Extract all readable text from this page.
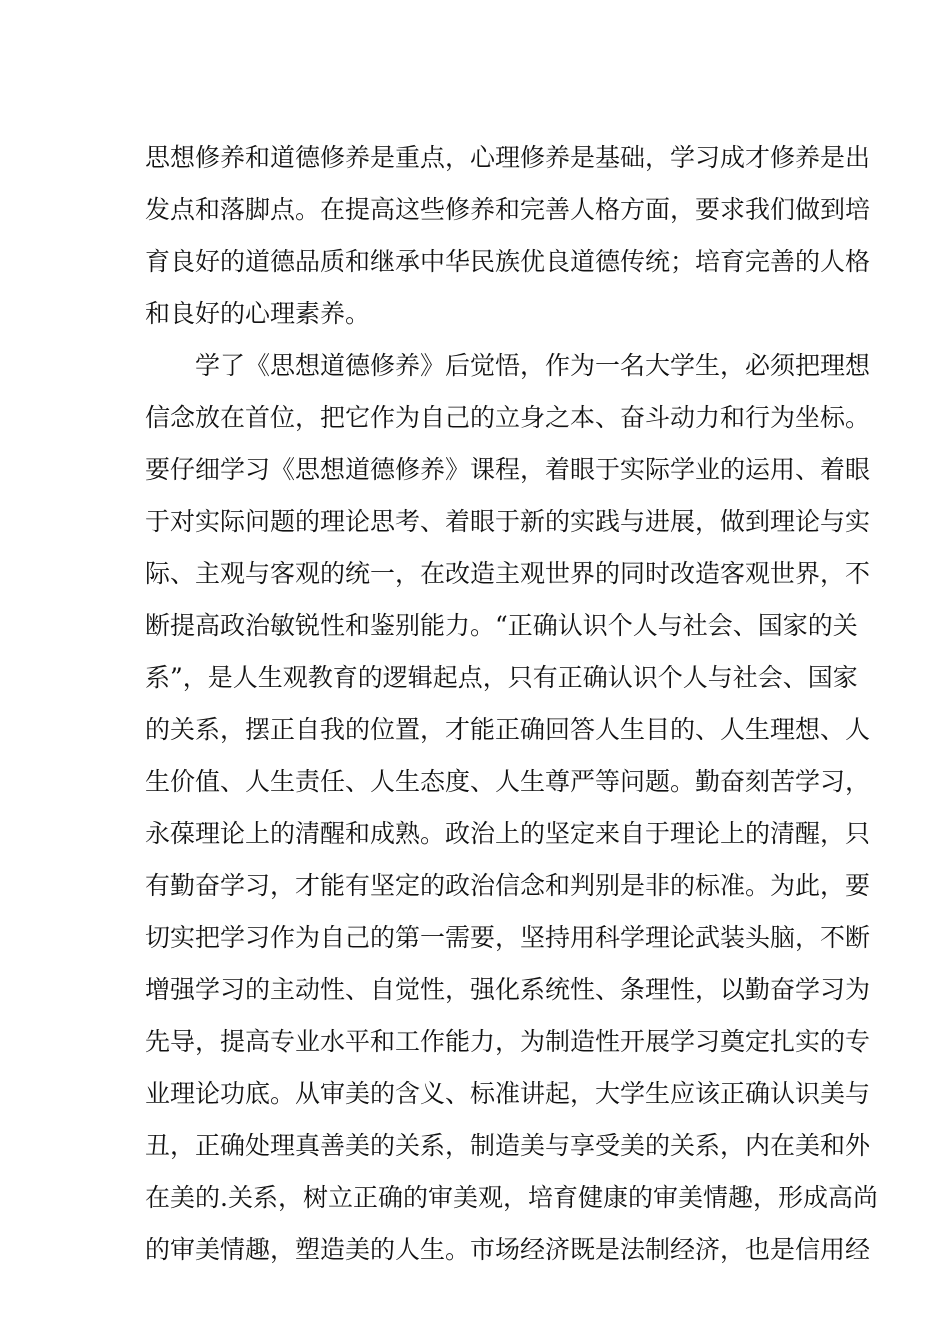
思想修养和道德修养是重点，心理修养是基础，学习成才修养是出
发点和落脚点。在提高这些修养和完善人格方面，要求我们做到培
育良好的道德品质和继承中华民族优良道德传统；培育完善的人格
和良好的心理素养。
学了《思想道德修养》后觉悟，作为一名大学生，必须把理想
信念放在首位，把它作为自己的立身之本、奋斗动力和行为坐标。
要仔细学习《思想道德修养》课程，着眼于实际学业的运用、着眼
于对实际问题的理论思考、着眼于新的实践与进展，做到理论与实
际、主观与客观的统一，在改造主观世界的同时改造客观世界，不
断提高政治敏锐性和鉴别能力。“正确认识个人与社会、国家的关
系”，是人生观教育的逻辑起点，只有正确认识个人与社会、国家
的关系，摆正自我的位置，才能正确回答人生目的、人生理想、人
生价值、人生责任、人生态度、人生尊严等问题。勤奋刻苦学习，
永葆理论上的清醒和成熟。政治上的坚定来自于理论上的清醒，只
有勤奋学习，才能有坚定的政治信念和判别是非的标准。为此，要
切实把学习作为自己的第一需要，坚持用科学理论武装头脑，不断
增强学习的主动性、自觉性，强化系统性、条理性，以勤奋学习为
先导，提高专业水平和工作能力，为制造性开展学习奠定扎实的专
业理论功底。从审美的含义、标准讲起，大学生应该正确认识美与
丑，正确处理真善美的关系，制造美与享受美的关系，内在美和外
在美的.关系，树立正确的审美观，培育健康的审美情趣，形成高尚
的审美情趣，塑造美的人生。市场经济既是法制经济，也是信用经
